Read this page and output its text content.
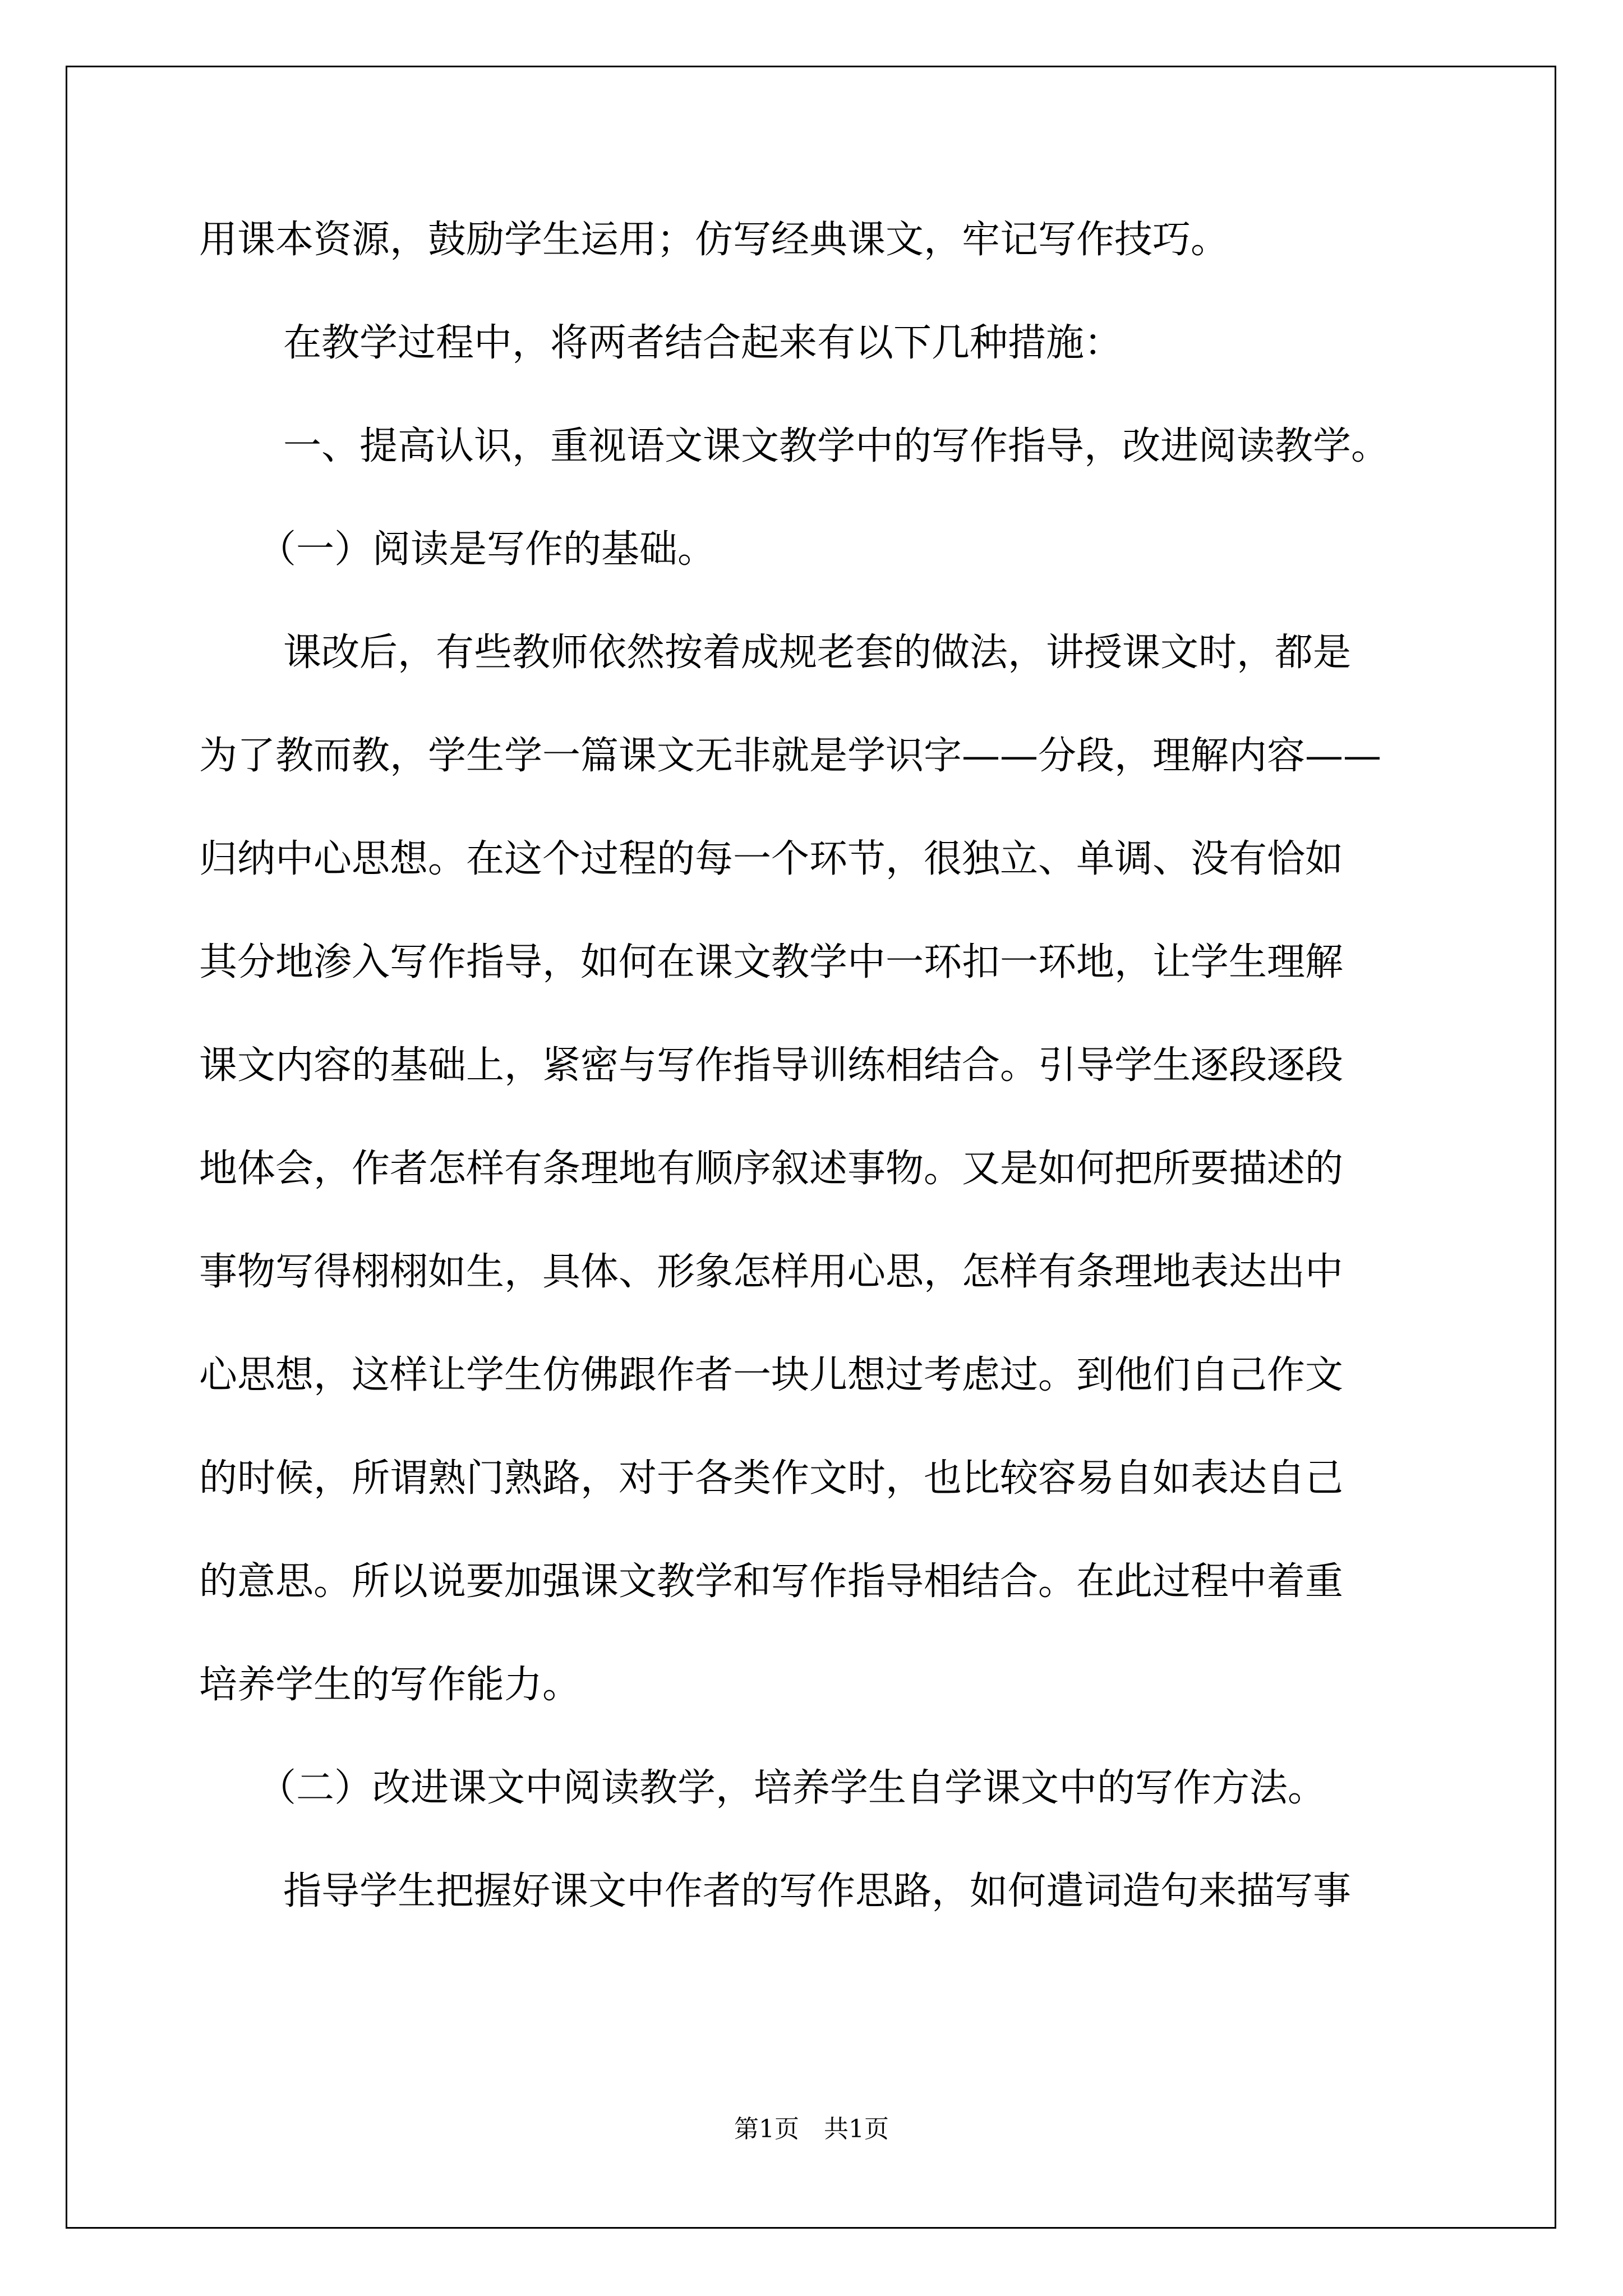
用课本资源，鼓励学生运用；仿写经典课文，牢记写作技巧。

在教学过程中，将两者结合起来有以下几种措施：

一、提高认识，重视语文课文教学中的写作指导，改进阅读教学。

（一）阅读是写作的基础。

课改后，有些教师依然按着成规老套的做法，讲授课文时，都是

为了教而教，学生学一篇课文无非就是学识字——分段，理解内容——

归纳中心思想。在这个过程的每一个环节，很独立、单调、没有恰如

其分地渗入写作指导，如何在课文教学中一环扣一环地，让学生理解

课文内容的基础上，紧密与写作指导训练相结合。引导学生逐段逐段

地体会，作者怎样有条理地有顺序叙述事物。又是如何把所要描述的

事物写得栩栩如生，具体、形象怎样用心思，怎样有条理地表达出中

心思想，这样让学生仿佛跟作者一块儿想过考虑过。到他们自己作文

的时候，所谓熟门熟路，对于各类作文时，也比较容易自如表达自己

的意思。所以说要加强课文教学和写作指导相结合。在此过程中着重

培养学生的写作能力。

（二）改进课文中阅读教学，培养学生自学课文中的写作方法。

指导学生把握好课文中作者的写作思路，如何遣词造句来描写事

第1页　共1页
